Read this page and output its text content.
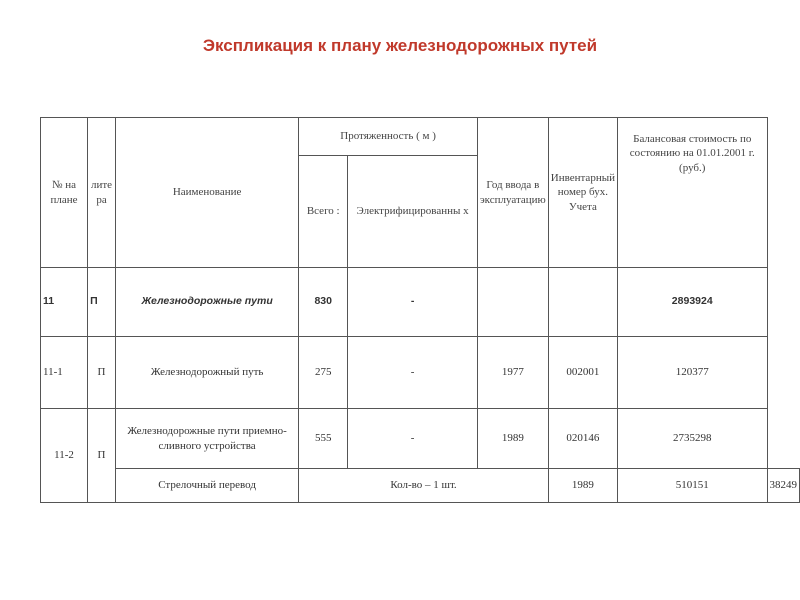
Экспликация к плану железнодорожных путей
№ на плане	лите ра	Наименование	Протяженность ( м )		Год ввода в эксплуатацию	Инвентарный номер бух. Учета	Балансовая стоимость по состоянию на 01.01.2001 г. (руб.)	
			Всего :	Электрифицированны х				
11	П	Железнодорожные пути	830	-			2893924	
11-1	П	Железнодорожный путь	275	-	1977	002001	120377	
11-2	П	Железнодорожные пути приемно-сливного устройства	555	-	1989	020146	2735298	
		Стрелочный перевод	Кол-во – 1 шт.			1989	510151	38249
